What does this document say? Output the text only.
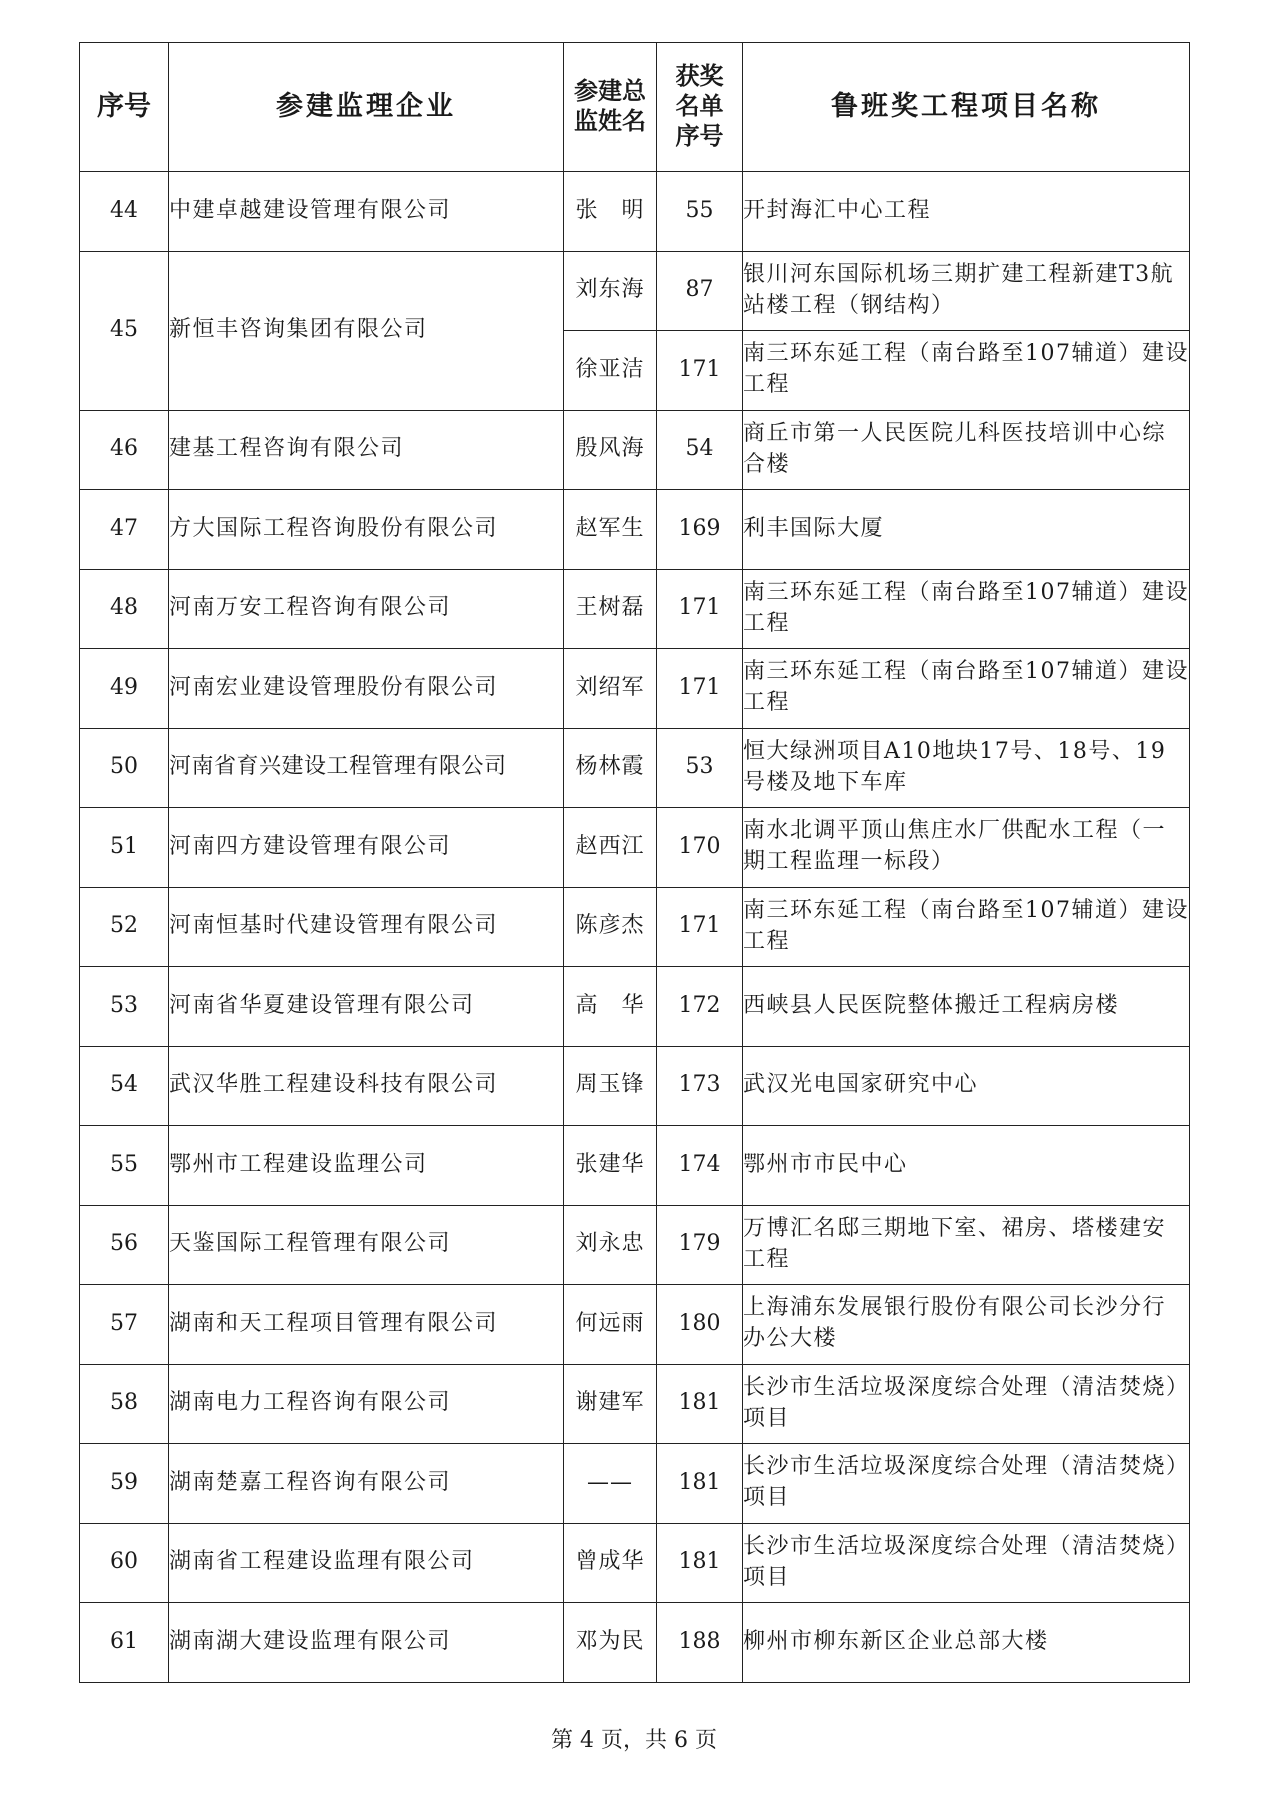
序号	参建监理企业	参建总监姓名	获奖名单序号	鲁班奖工程项目名称
44	中建卓越建设管理有限公司	张　明	55	开封海汇中心工程
45	新恒丰咨询集团有限公司	刘东海	87	银川河东国际机场三期扩建工程新建T3航站楼工程（钢结构）
		徐亚洁	171	南三环东延工程（南台路至107辅道）建设工程
46	建基工程咨询有限公司	殷风海	54	商丘市第一人民医院儿科医技培训中心综合楼
47	方大国际工程咨询股份有限公司	赵军生	169	利丰国际大厦
48	河南万安工程咨询有限公司	王树磊	171	南三环东延工程（南台路至107辅道）建设工程
49	河南宏业建设管理股份有限公司	刘绍军	171	南三环东延工程（南台路至107辅道）建设工程
50	河南省育兴建设工程管理有限公司	杨林霞	53	恒大绿洲项目A10地块17号、18号、19号楼及地下车库
51	河南四方建设管理有限公司	赵西江	170	南水北调平顶山焦庄水厂供配水工程（一期工程监理一标段）
52	河南恒基时代建设管理有限公司	陈彦杰	171	南三环东延工程（南台路至107辅道）建设工程
53	河南省华夏建设管理有限公司	高　华	172	西峡县人民医院整体搬迁工程病房楼
54	武汉华胜工程建设科技有限公司	周玉锋	173	武汉光电国家研究中心
55	鄂州市工程建设监理公司	张建华	174	鄂州市市民中心
56	天鉴国际工程管理有限公司	刘永忠	179	万博汇名邸三期地下室、裙房、塔楼建安工程
57	湖南和天工程项目管理有限公司	何远雨	180	上海浦东发展银行股份有限公司长沙分行办公大楼
58	湖南电力工程咨询有限公司	谢建军	181	长沙市生活垃圾深度综合处理（清洁焚烧）项目
59	湖南楚嘉工程咨询有限公司	——	181	长沙市生活垃圾深度综合处理（清洁焚烧）项目
60	湖南省工程建设监理有限公司	曾成华	181	长沙市生活垃圾深度综合处理（清洁焚烧）项目
61	湖南湖大建设监理有限公司	邓为民	188	柳州市柳东新区企业总部大楼
第 4 页，共 6 页
